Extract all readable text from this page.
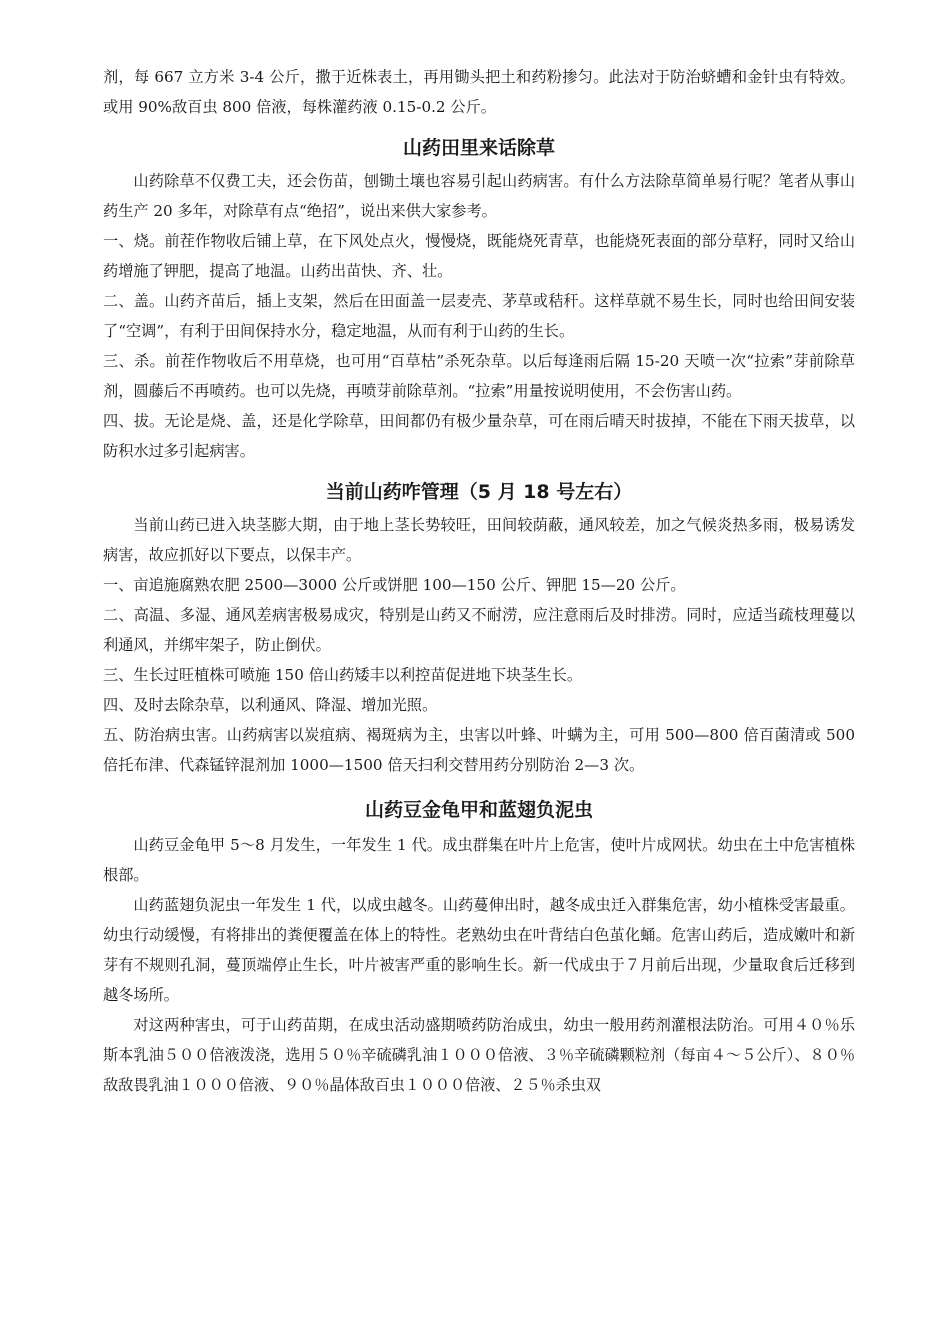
剂，每 667 立方米 3-4 公斤，撒于近株表土，再用锄头把土和药粉掺匀。此法对于防治蛴螬和金针虫有特效。或用 90%敌百虫 800 倍液，每株灌药液 0.15-0.2 公斤。

山药田里来话除草

山药除草不仅费工夫，还会伤苗，刨锄土壤也容易引起山药病害。有什么方法除草简单易行呢？笔者从事山药生产 20 多年，对除草有点“绝招”，说出来供大家参考。

一、烧。前茬作物收后铺上草，在下风处点火，慢慢烧，既能烧死青草，也能烧死表面的部分草籽，同时又给山药增施了钾肥，提高了地温。山药出苗快、齐、壮。

二、盖。山药齐苗后，插上支架，然后在田面盖一层麦壳、茅草或秸秆。这样草就不易生长，同时也给田间安装了“空调”，有利于田间保持水分，稳定地温，从而有利于山药的生长。

三、杀。前茬作物收后不用草烧，也可用“百草枯”杀死杂草。以后每逢雨后隔 15-20 天喷一次“拉索”芽前除草剂，圆藤后不再喷药。也可以先烧，再喷芽前除草剂。“拉索”用量按说明使用，不会伤害山药。

四、拔。无论是烧、盖，还是化学除草，田间都仍有极少量杂草，可在雨后晴天时拔掉，不能在下雨天拔草，以防积水过多引起病害。

当前山药咋管理（5 月 18 号左右）

当前山药已进入块茎膨大期，由于地上茎长势较旺，田间较荫蔽，通风较差，加之气候炎热多雨，极易诱发病害，故应抓好以下要点，以保丰产。

一、亩追施腐熟农肥 2500—3000 公斤或饼肥 100—150 公斤、钾肥 15—20 公斤。

二、高温、多湿、通风差病害极易成灾，特别是山药又不耐涝，应注意雨后及时排涝。同时，应适当疏枝理蔓以利通风，并绑牢架子，防止倒伏。

三、生长过旺植株可喷施 150 倍山药矮丰以利控苗促进地下块茎生长。

四、及时去除杂草，以利通风、降湿、增加光照。

五、防治病虫害。山药病害以炭疽病、褐斑病为主，虫害以叶蜂、叶螨为主，可用 500—800 倍百菌清或 500 倍托布津、代森锰锌混剂加 1000—1500 倍天扫利交替用药分别防治 2—3 次。

山药豆金龟甲和蓝翅负泥虫

山药豆金龟甲 5～8 月发生，一年发生 1 代。成虫群集在叶片上危害，使叶片成网状。幼虫在土中危害植株根部。

山药蓝翅负泥虫一年发生 1 代，以成虫越冬。山药蔓伸出时，越冬成虫迁入群集危害，幼小植株受害最重。幼虫行动缓慢，有将排出的粪便覆盖在体上的特性。老熟幼虫在叶背结白色茧化蛹。危害山药后，造成嫩叶和新芽有不规则孔洞，蔓顶端停止生长，叶片被害严重的影响生长。新一代成虫于７月前后出现，少量取食后迁移到越冬场所。

对这两种害虫，可于山药苗期，在成虫活动盛期喷药防治成虫，幼虫一般用药剂灌根法防治。可用４０％乐斯本乳油５００倍液泼浇，选用５０％辛硫磷乳油１０００倍液、３％辛硫磷颗粒剂（每亩４～５公斤）、８０％敌敌畏乳油１０００倍液、９０％晶体敌百虫１０００倍液、２５％杀虫双
